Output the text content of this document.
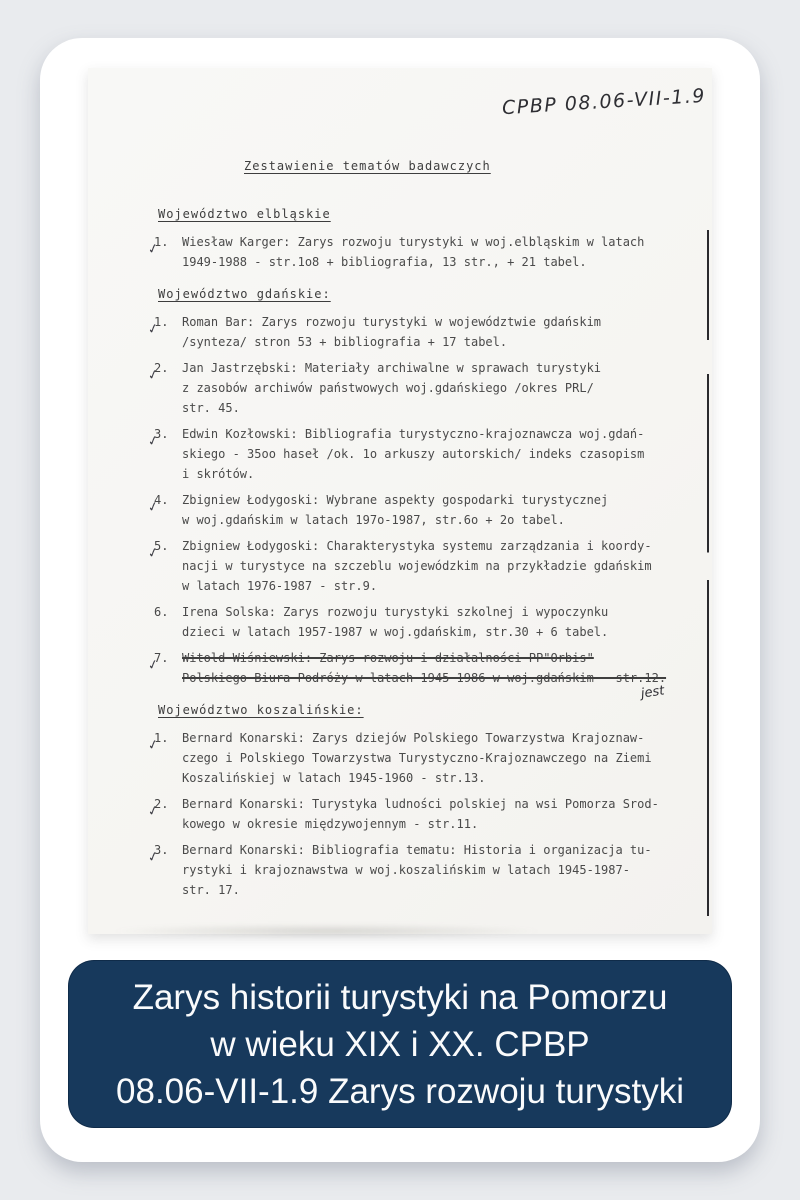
CPBP 08.06-VII-1.9
Zestawienie tematów badawczych
Województwo elbląskie
1.
✓ Wiesław Karger: Zarys rozwoju turystyki w woj.elbląskim w latach
1949-1988 - str.1o8 + bibliografia, 13 str., + 21 tabel.
Województwo gdańskie:
1.
✓ Roman Bar: Zarys rozwoju turystyki w województwie gdańskim
/synteza/ stron 53 + bibliografia + 17 tabel.
2.
✓ Jan Jastrzębski: Materiały archiwalne w sprawach turystyki
z zasobów archiwów państwowych woj.gdańskiego /okres PRL/
str. 45.
3.
✓ Edwin Kozłowski: Bibliografia turystyczno-krajoznawcza woj.gdań-
skiego - 35oo haseł /ok. 1o arkuszy autorskich/ indeks czasopism
i skrótów.
4.
✓ Zbigniew Łodygoski: Wybrane aspekty gospodarki turystycznej
w woj.gdańskim w latach 197o-1987, str.6o + 2o tabel.
5.
✓ Zbigniew Łodygoski: Charakterystyka systemu zarządzania i koordy-
nacji w turystyce na szczeblu wojewódzkim na przykładzie gdańskim
w latach 1976-1987 - str.9.
6.	Irena Solska: Zarys rozwoju turystyki szkolnej i wypoczynku
dzieci w latach 1957-1987 w woj.gdańskim, str.30 + 6 tabel.
7.
✓ Witold Wiśniewski: Zarys rozwoju i działalności PP"Orbis"
Polskiego Biura Podróży w latach 1945-1986 w woj.gdańskim - str.12.
jest
Województwo koszalińskie:
1.
✓ Bernard Konarski: Zarys dziejów Polskiego Towarzystwa Krajoznaw-
czego i Polskiego Towarzystwa Turystyczno-Krajoznawczego na Ziemi
Koszalińskiej w latach 1945-1960 - str.13.
2.
✓ Bernard Konarski: Turystyka ludności polskiej na wsi Pomorza Srod-
kowego w okresie międzywojennym - str.11.
3.
✓ Bernard Konarski: Bibliografia tematu: Historia i organizacja tu-
rystyki i krajoznawstwa w woj.koszalińskim w latach 1945-1987-
str. 17.
Zarys historii turystyki na Pomorzu
w wieku XIX i XX. CPBP
08.06-VII-1.9 Zarys rozwoju turystyki
